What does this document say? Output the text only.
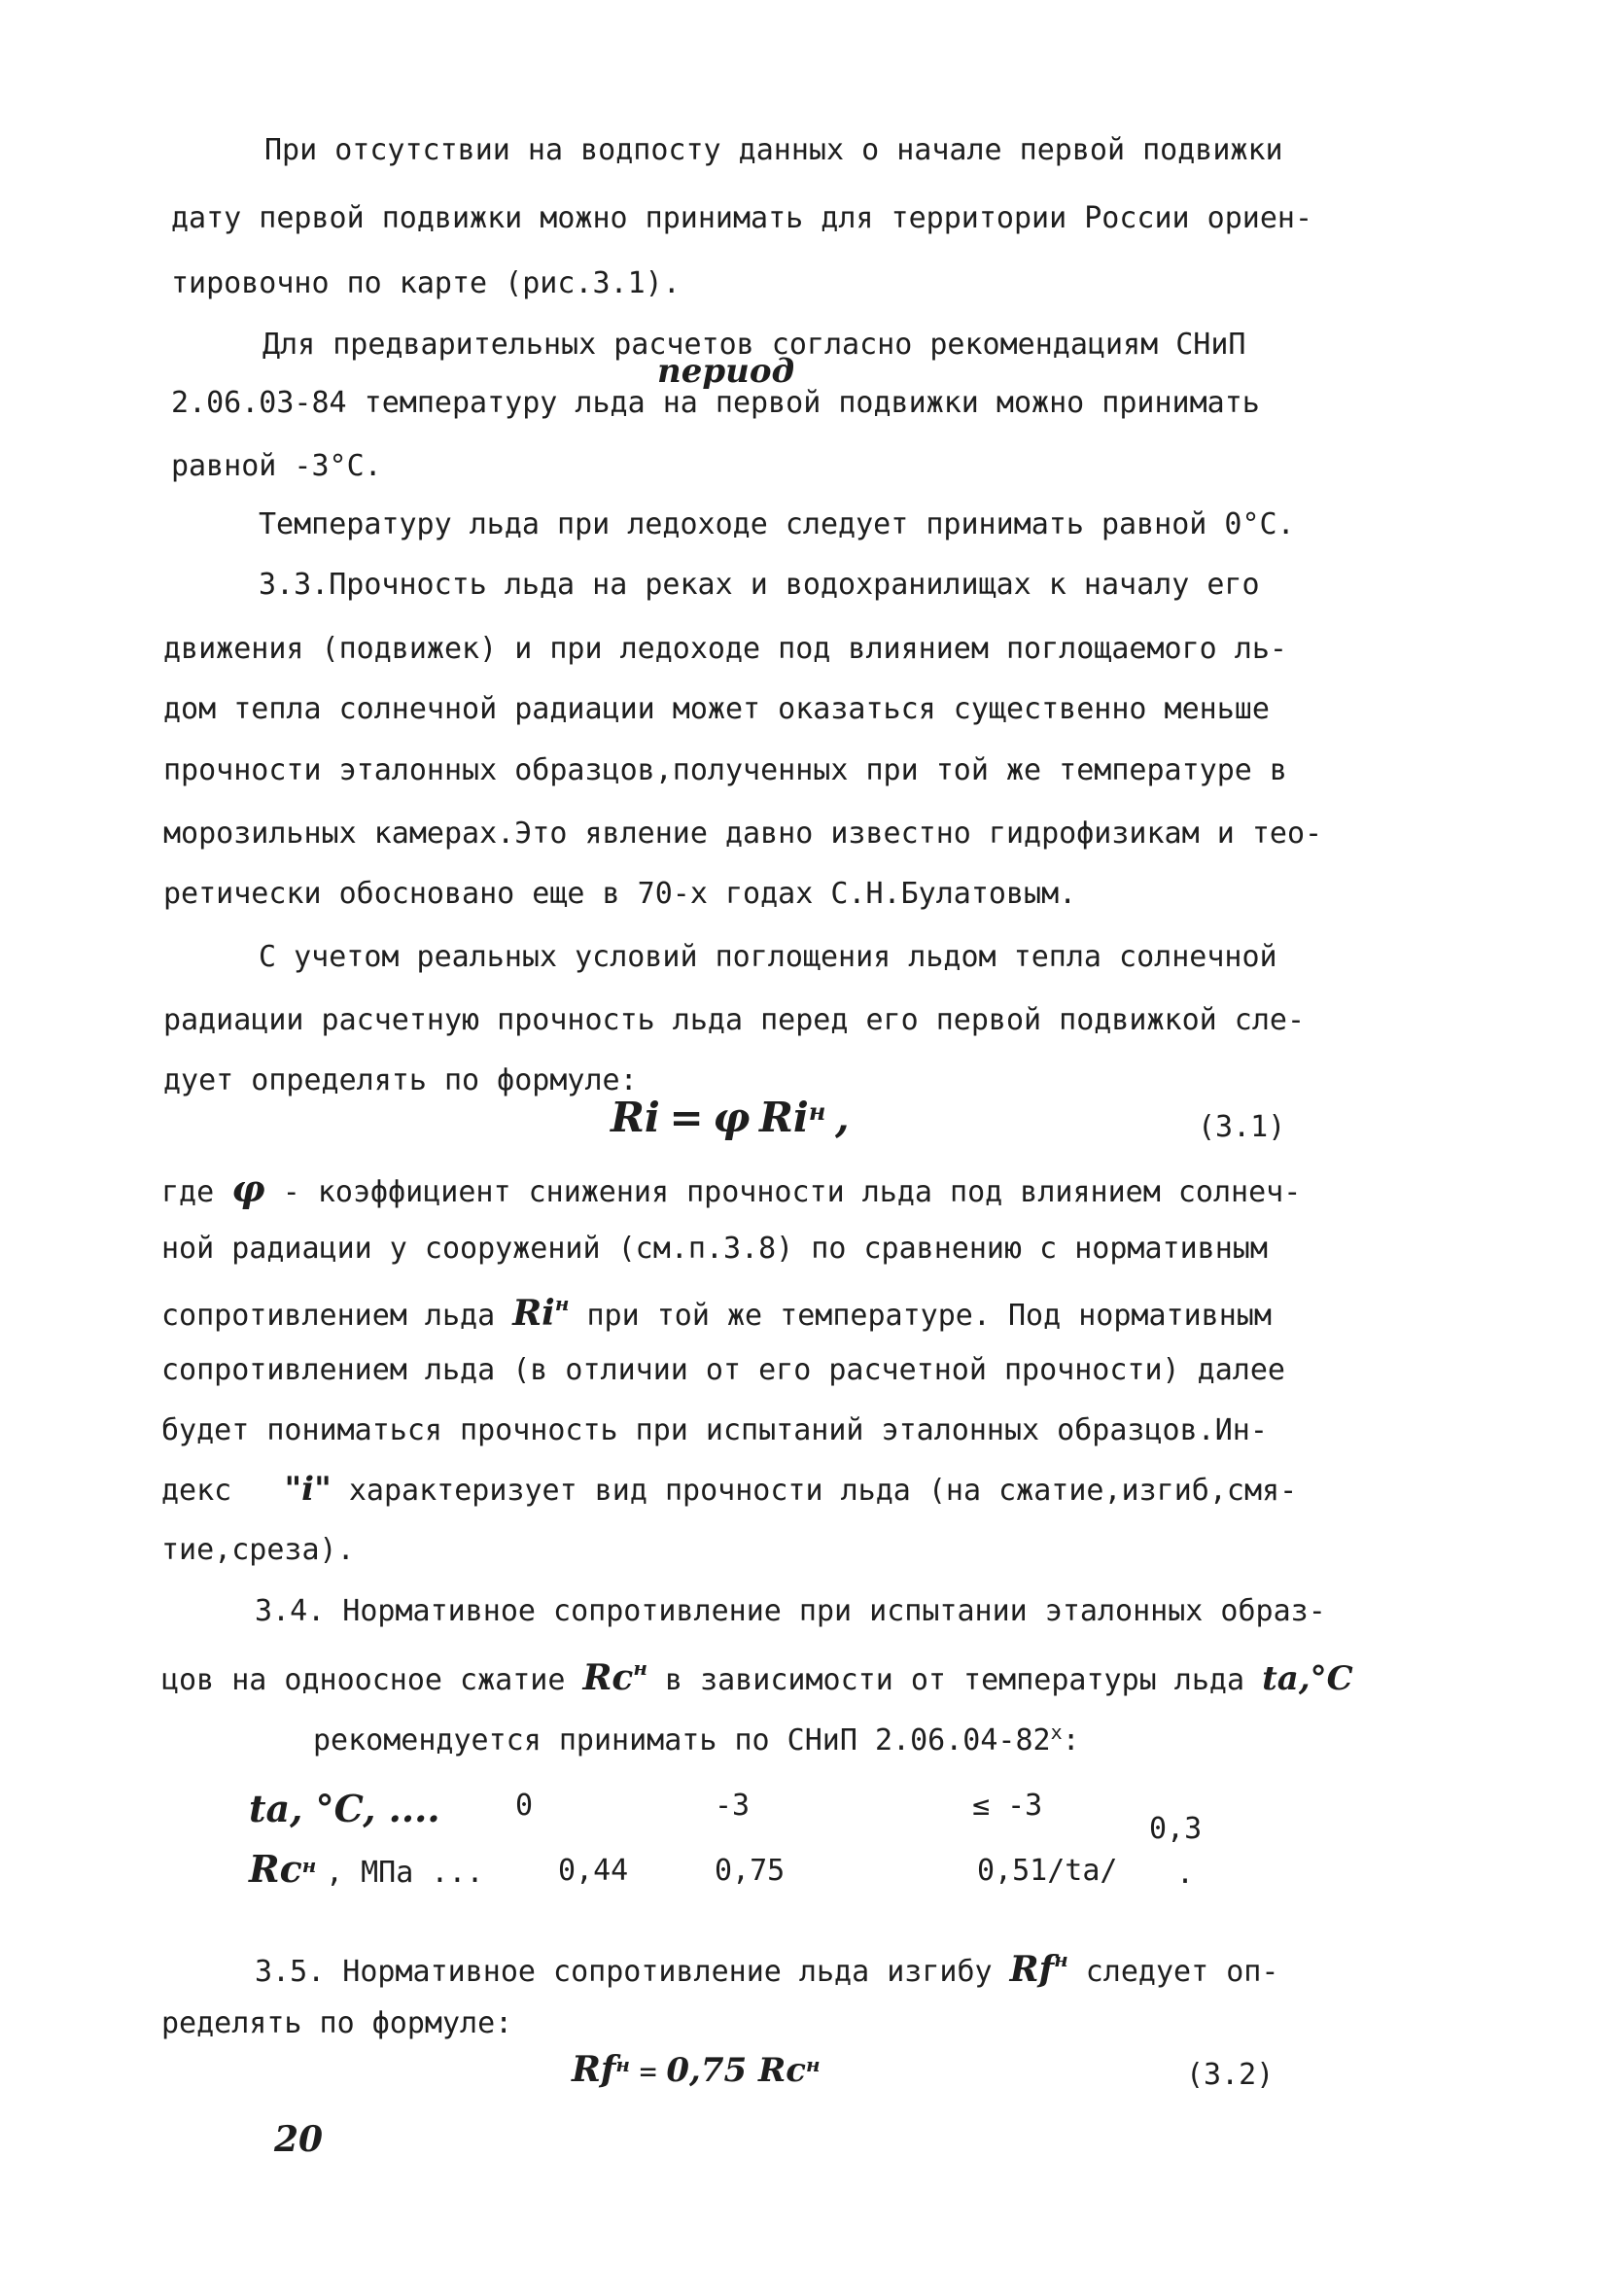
При отсутствии на водпосту данных о начале первой подвижки
дату первой подвижки можно принимать для территории России ориен-
тировочно по карте (рис.3.1).
Для предварительных расчетов согласно рекомендациям СНиП
период
2.06.03-84 температуру льда на первой подвижки можно принимать
равной -3°С.
Температуру льда при ледоходе следует принимать равной 0°С.
3.3.Прочность льда на реках и водохранилищах к началу его
движения (подвижек) и при ледоходе под влиянием поглощаемого ль-
дом тепла солнечной радиации может оказаться существенно меньше
прочности эталонных образцов,полученных при той же температуре в
морозильных камерах.Это явление давно известно гидрофизикам и тео-
ретически обосновано еще в 70-х годах С.Н.Булатовым.
С учетом реальных условий поглощения льдом тепла солнечной
радиации расчетную прочность льда перед его первой подвижкой сле-
дует определять по формуле:
Ri = φ $Ri^н$ ,	(3.1)
где φ - коэффициент снижения прочности льда под влиянием солнеч-
ной радиации у сооружений (см.п.3.8) по сравнению с нормативным
сопротивлением льда $Ri^н$ при той же температуре. Под нормативным
сопротивлением льда (в отличии от его расчетной прочности) далее
будет пониматься прочность при испытаний эталонных образцов.Ин-
декс "i" характеризует вид прочности льда (на сжатие,изгиб,смя-
тие,среза).
3.4. Нормативное сопротивление при испытании эталонных образ-
цов на одноосное сжатие $Rc^н$ в зависимости от температуры льда ta,°C
рекомендуется принимать по СНиП 2.06.04-82$^x$:
ta, °C, ....	0	-3	≤ -3
0,3
$Rc^н$ , МПа ...	0,44	0,75	0,51/ta/ .
3.5. Нормативное сопротивление льда изгибу $Rf^н$ следует оп-
ределять по формуле:
$Rf^н = 0,75$ $Rc^н$	(3.2)
20
